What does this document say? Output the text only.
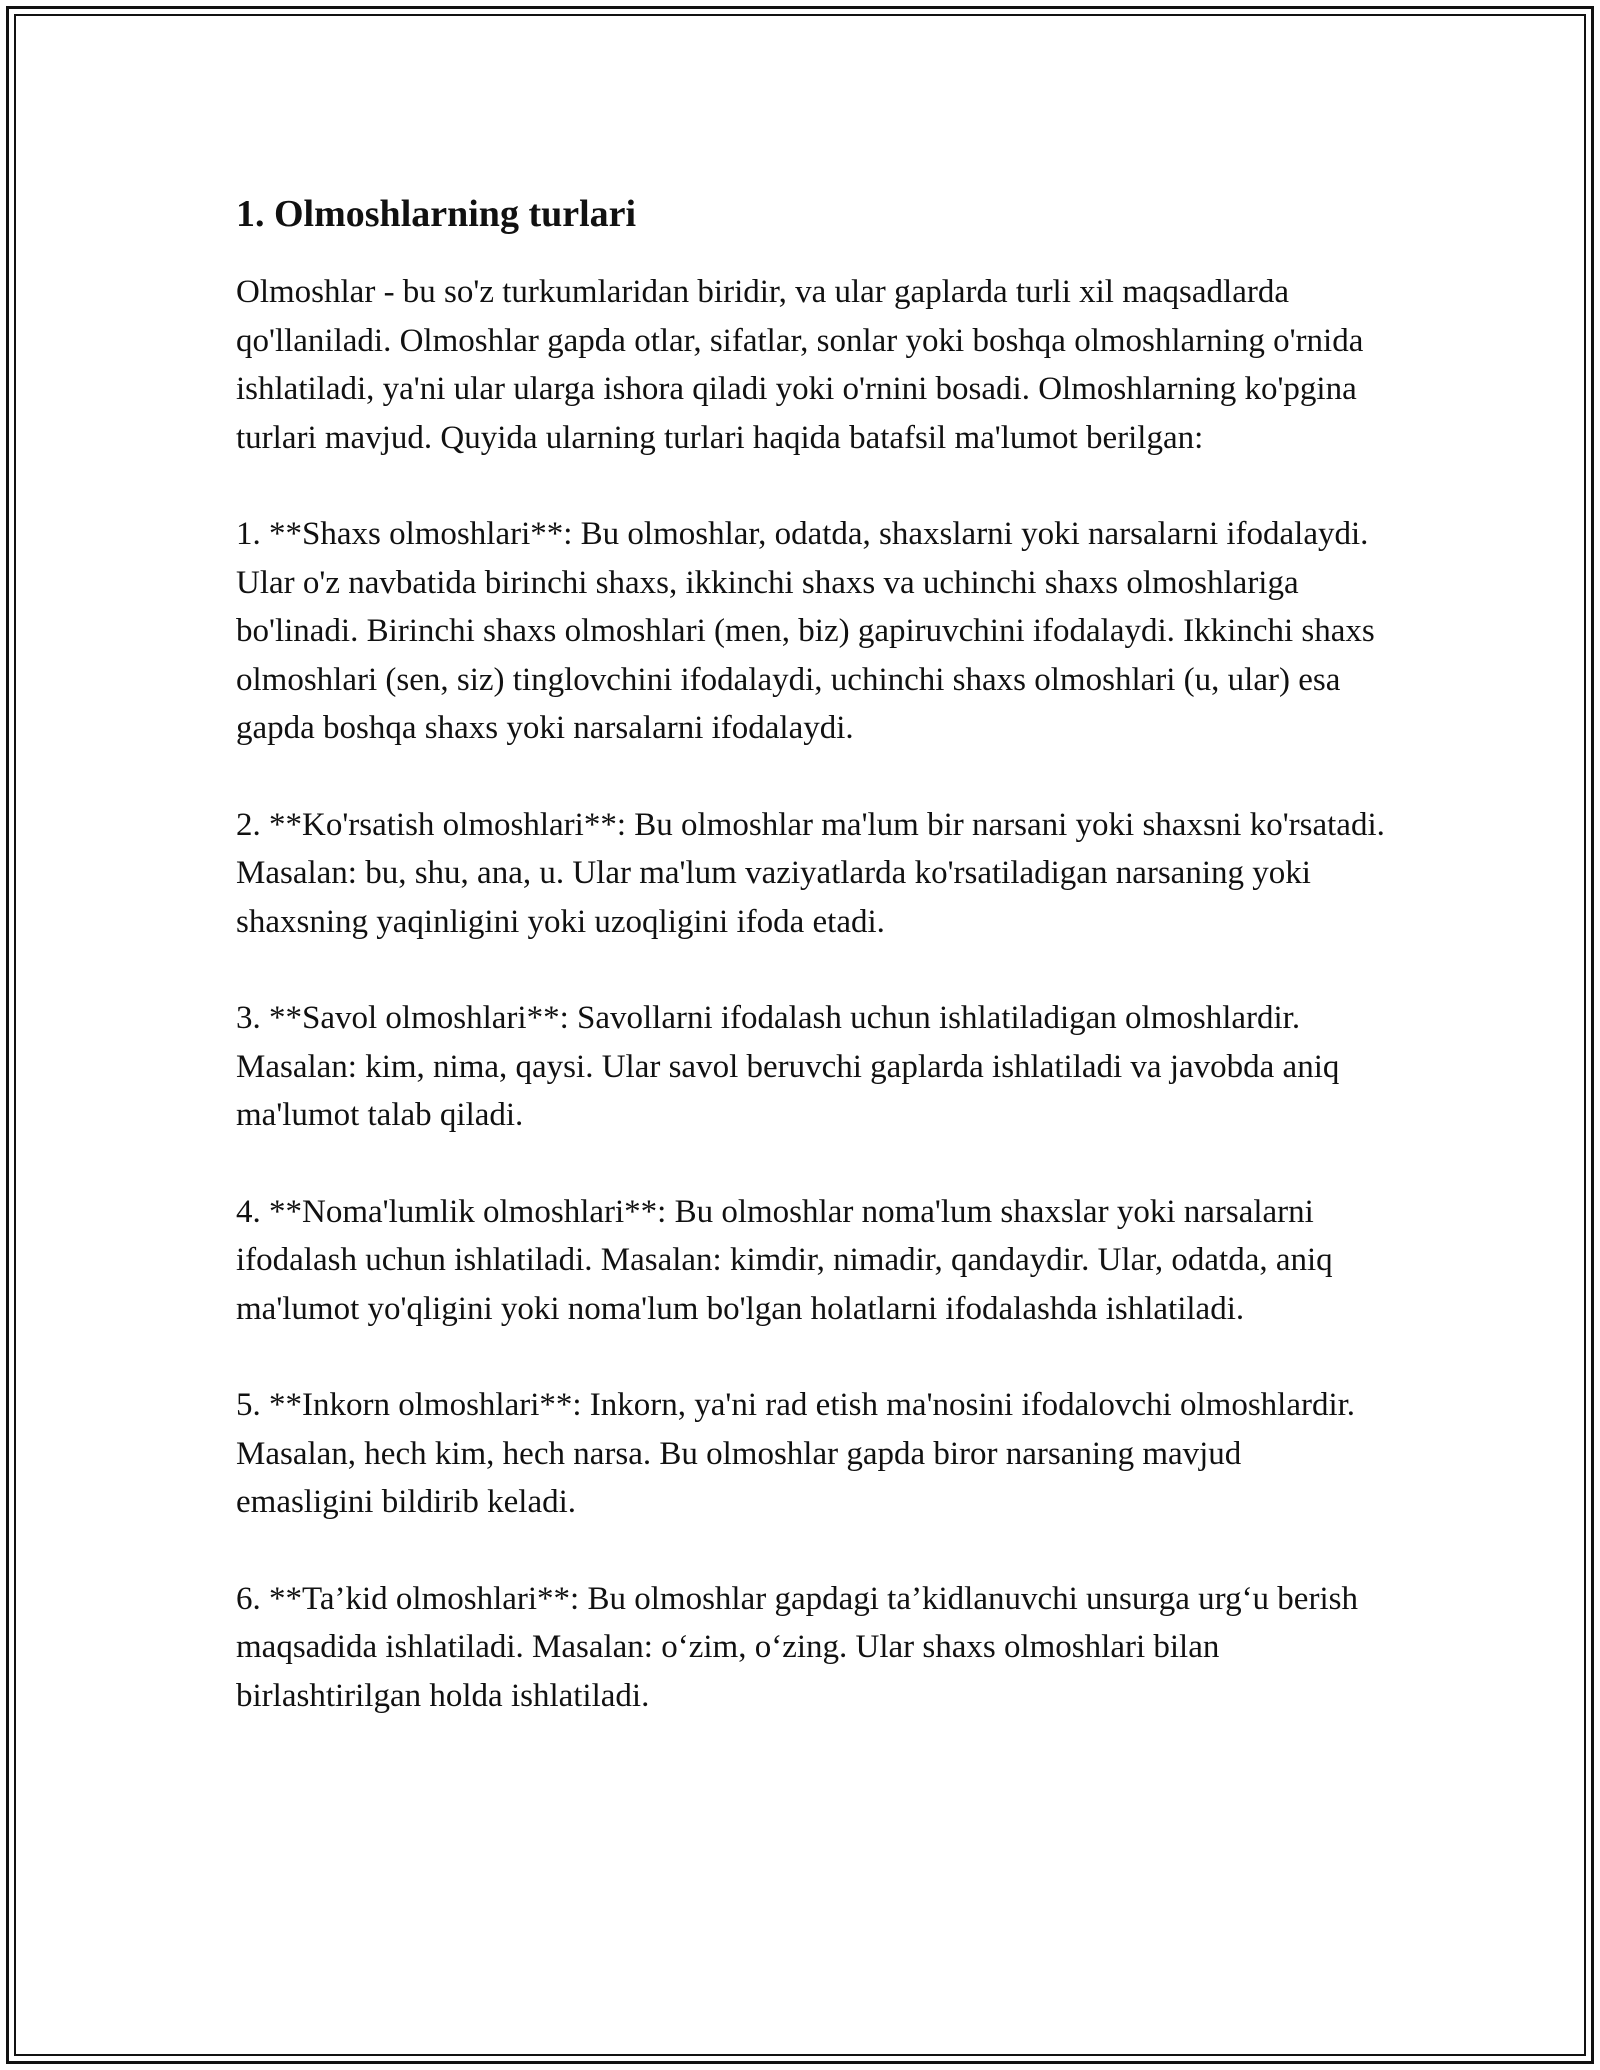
1. Olmoshlarning turlari

Olmoshlar - bu so'z turkumlaridan biridir, va ular gaplarda turli xil maqsadlarda qo'llaniladi. Olmoshlar gapda otlar, sifatlar, sonlar yoki boshqa olmoshlarning o'rnida ishlatiladi, ya'ni ular ularga ishora qiladi yoki o'rnini bosadi. Olmoshlarning ko'pgina turlari mavjud. Quyida ularning turlari haqida batafsil ma'lumot berilgan:

1. **Shaxs olmoshlari**: Bu olmoshlar, odatda, shaxslarni yoki narsalarni ifodalaydi. Ular o'z navbatida birinchi shaxs, ikkinchi shaxs va uchinchi shaxs olmoshlariga bo'linadi. Birinchi shaxs olmoshlari (men, biz) gapiruvchini ifodalaydi. Ikkinchi shaxs olmoshlari (sen, siz) tinglovchini ifodalaydi, uchinchi shaxs olmoshlari (u, ular) esa gapda boshqa shaxs yoki narsalarni ifodalaydi.

2. **Ko'rsatish olmoshlari**: Bu olmoshlar ma'lum bir narsani yoki shaxsni ko'rsatadi. Masalan: bu, shu, ana, u. Ular ma'lum vaziyatlarda ko'rsatiladigan narsaning yoki shaxsning yaqinligini yoki uzoqligini ifoda etadi.

3. **Savol olmoshlari**: Savollarni ifodalash uchun ishlatiladigan olmoshlardir. Masalan: kim, nima, qaysi. Ular savol beruvchi gaplarda ishlatiladi va javobda aniq ma'lumot talab qiladi.

4. **Noma'lumlik olmoshlari**: Bu olmoshlar noma'lum shaxslar yoki narsalarni ifodalash uchun ishlatiladi. Masalan: kimdir, nimadir, qandaydir. Ular, odatda, aniq ma'lumot yo'qligini yoki noma'lum bo'lgan holatlarni ifodalashda ishlatiladi.

5. **Inkorn olmoshlari**: Inkorn, ya'ni rad etish ma'nosini ifodalovchi olmoshlardir. Masalan, hech kim, hech narsa. Bu olmoshlar gapda biror narsaning mavjud emasligini bildirib keladi.

6. **Ta’kid olmoshlari**: Bu olmoshlar gapdagi ta’kidlanuvchi unsurga urg‘u berish maqsadida ishlatiladi. Masalan: o‘zim, o‘zing. Ular shaxs olmoshlari bilan birlashtirilgan holda ishlatiladi.
